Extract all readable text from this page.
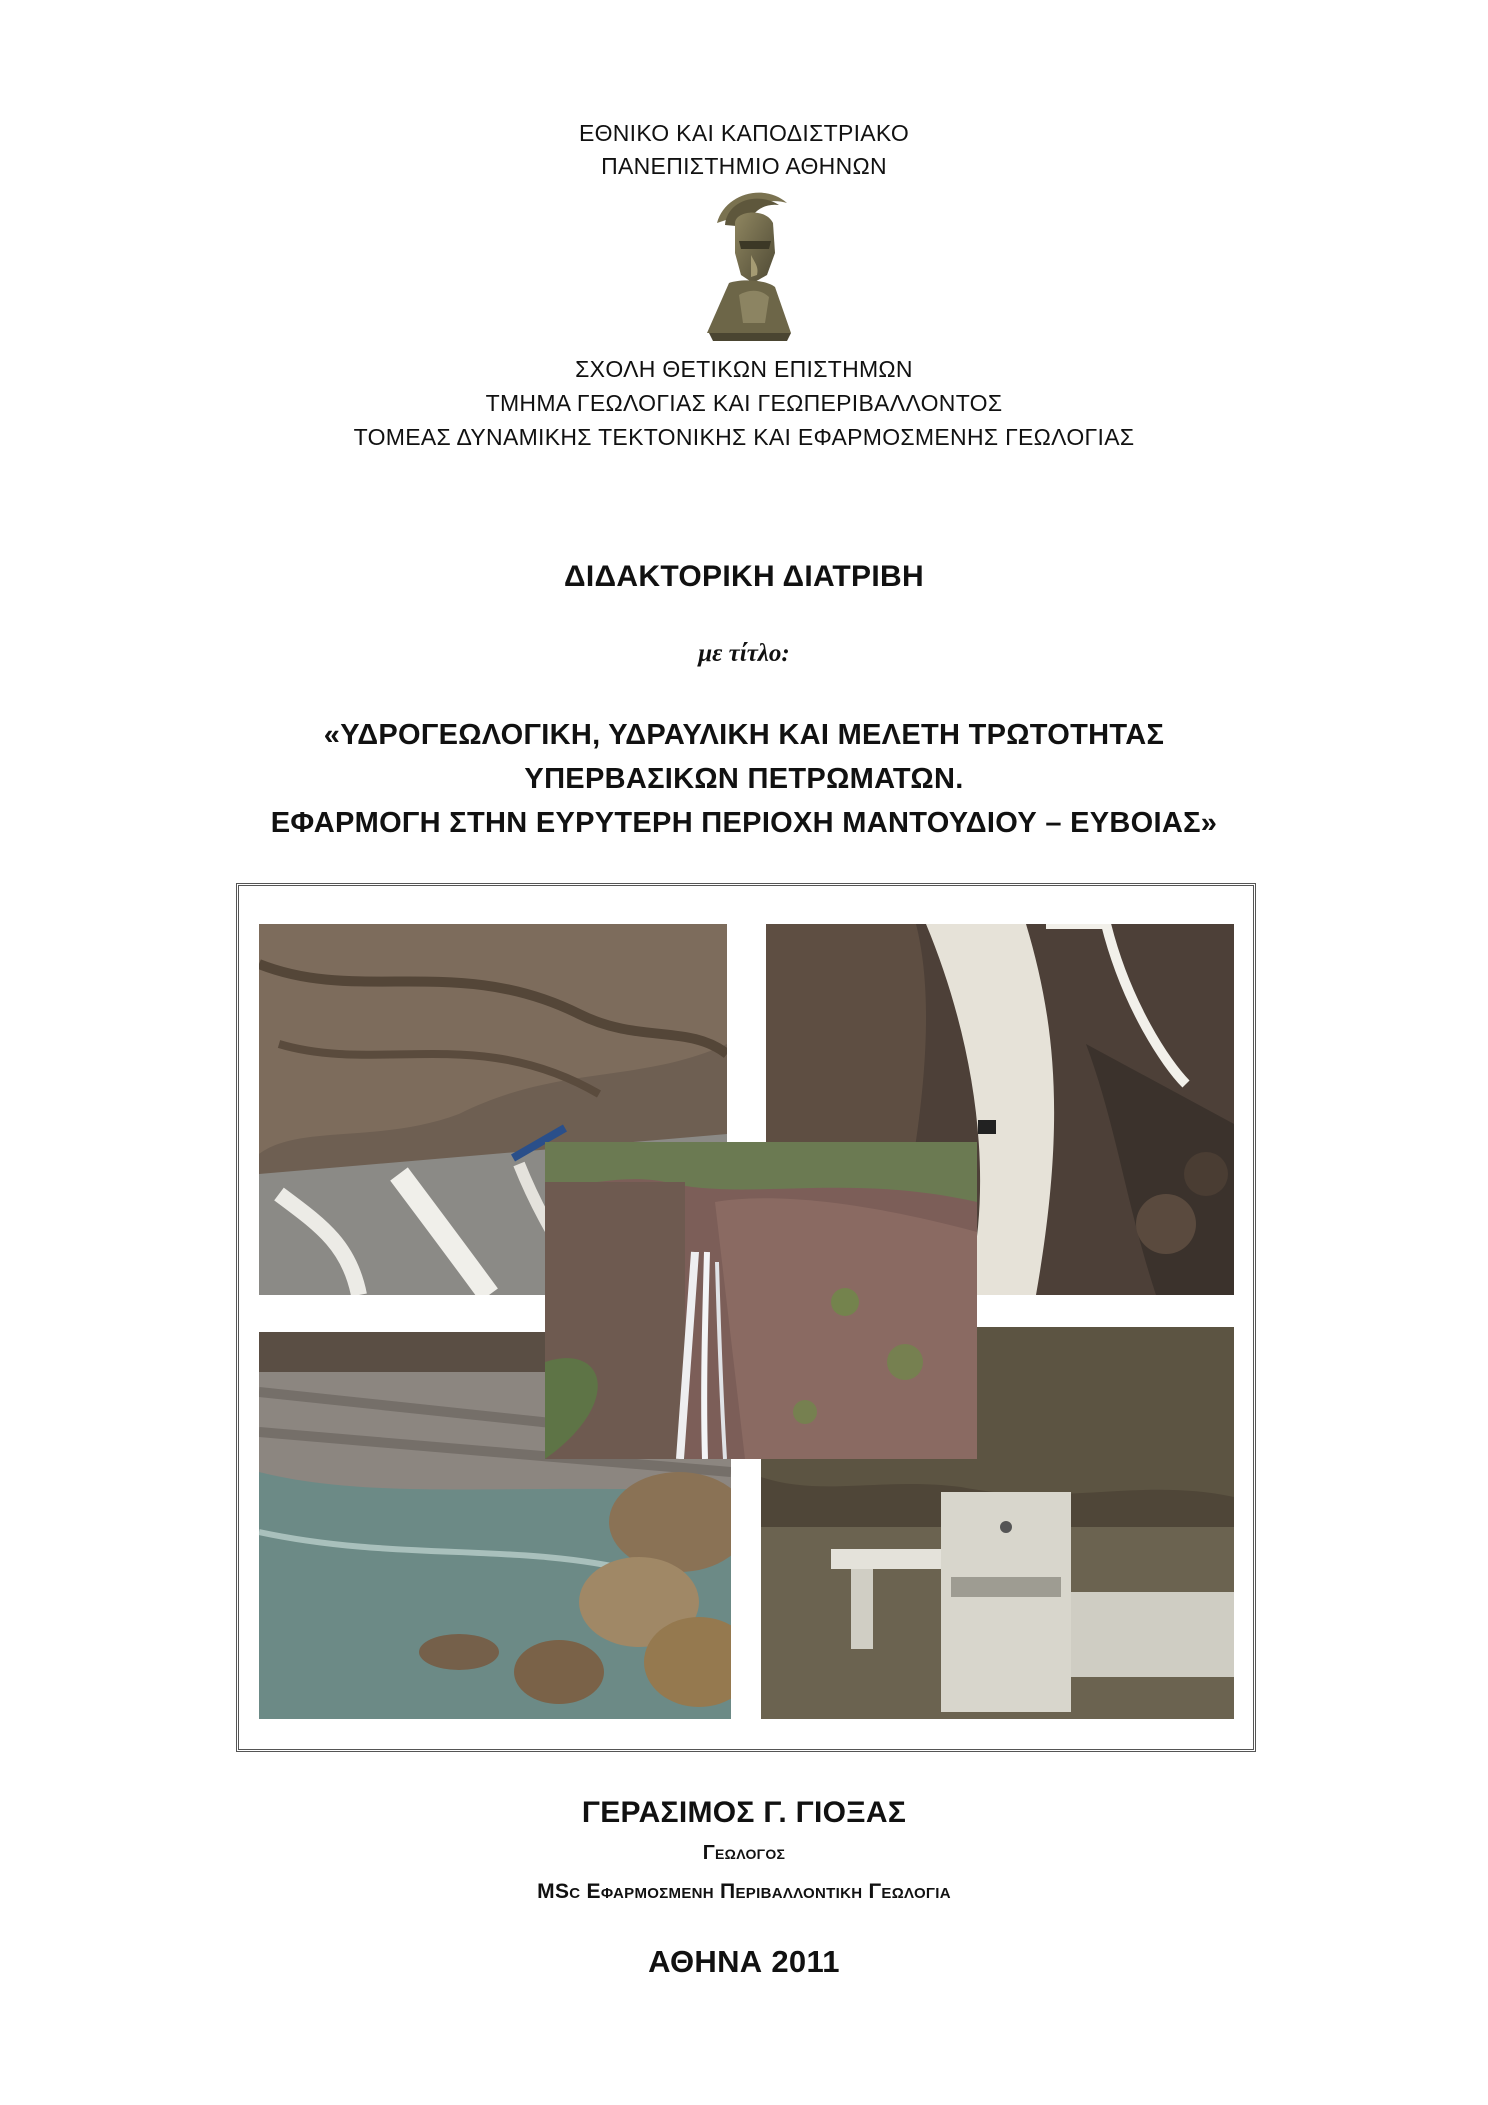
ΕΘΝΙΚΟ ΚΑΙ ΚΑΠΟΔΙΣΤΡΙΑΚΟ
ΠΑΝΕΠΙΣΤΗΜΙΟ ΑΘΗΝΩΝ
ΣΧΟΛΗ ΘΕΤΙΚΩΝ ΕΠΙΣΤΗΜΩΝ
ΤΜΗΜΑ ΓΕΩΛΟΓΙΑΣ ΚΑΙ ΓΕΩΠΕΡΙΒΑΛΛΟΝΤΟΣ
ΤΟΜΕΑΣ ΔΥΝΑΜΙΚΗΣ ΤΕΚΤΟΝΙΚΗΣ ΚΑΙ ΕΦΑΡΜΟΣΜΕΝΗΣ ΓΕΩΛΟΓΙΑΣ
ΔΙΔΑΚΤΟΡΙΚΗ ΔΙΑΤΡΙΒΗ
με τίτλο:
«ΥΔΡΟΓΕΩΛΟΓΙΚΗ, ΥΔΡΑΥΛΙΚΗ ΚΑΙ ΜΕΛΕΤΗ ΤΡΩΤΟΤΗΤΑΣ
ΥΠΕΡΒΑΣΙΚΩΝ ΠΕΤΡΩΜΑΤΩΝ.
ΕΦΑΡΜΟΓΗ ΣΤΗΝ ΕΥΡΥΤΕΡΗ ΠΕΡΙΟΧΗ ΜΑΝΤΟΥΔΙΟΥ – ΕΥΒΟΙΑΣ»
ΓΕΡΑΣΙΜΟΣ Γ. ΓΙΟΞΑΣ
Γεωλογος
MSc Εφαρμοσμενη Περιβαλλοντικη Γεωλογια
ΑΘΗΝΑ 2011
